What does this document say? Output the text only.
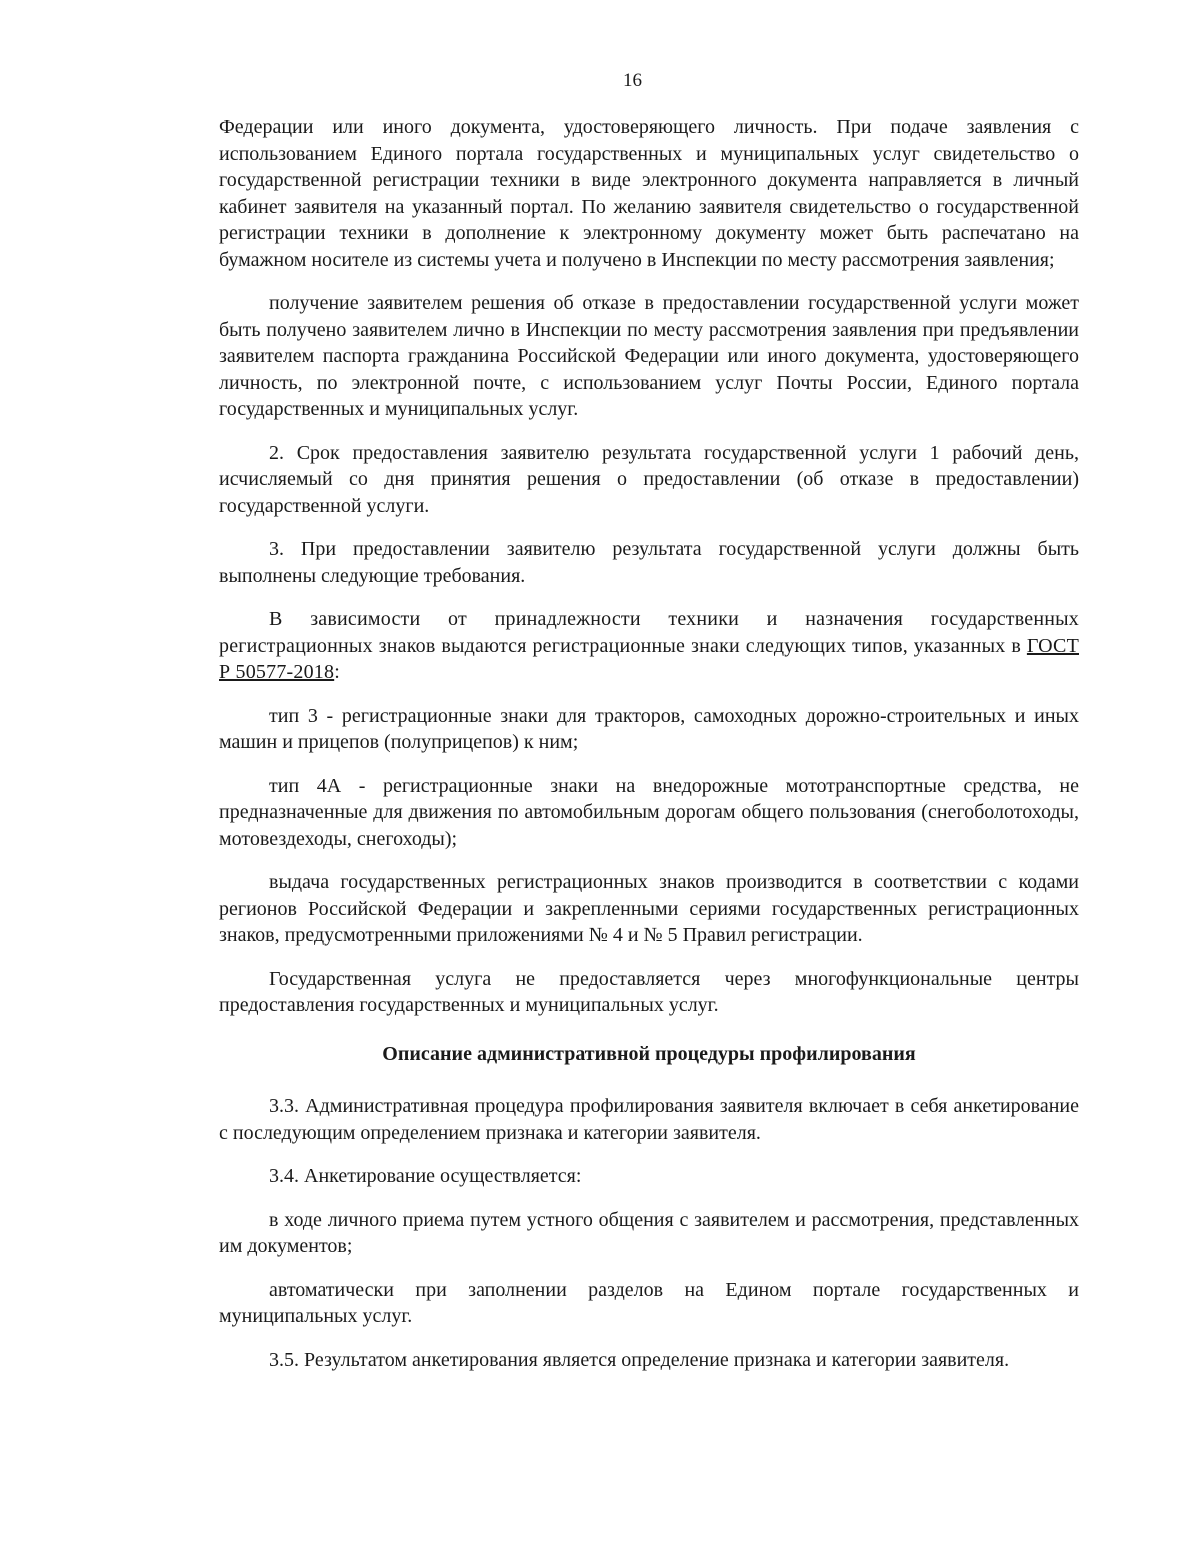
16

Федерации или иного документа, удостоверяющего личность. При подаче заявления с использованием Единого портала государственных и муниципальных услуг свидетельство о государственной регистрации техники в виде электронного документа направляется в личный кабинет заявителя на указанный портал. По желанию заявителя свидетельство о государственной регистрации техники в дополнение к электронному документу может быть распечатано на бумажном носителе из системы учета и получено в Инспекции по месту рассмотрения заявления;

получение заявителем решения об отказе в предоставлении государственной услуги может быть получено заявителем лично в Инспекции по месту рассмотрения заявления при предъявлении заявителем паспорта гражданина Российской Федерации или иного документа, удостоверяющего личность, по электронной почте, с использованием услуг Почты России, Единого портала государственных и муниципальных услуг.

2. Срок предоставления заявителю результата государственной услуги 1 рабочий день, исчисляемый со дня принятия решения о предоставлении (об отказе в предоставлении) государственной услуги.

3. При предоставлении заявителю результата государственной услуги должны быть выполнены следующие требования.

В зависимости от принадлежности техники и назначения государственных регистрационных знаков выдаются регистрационные знаки следующих типов, указанных в ГОСТ Р 50577-2018:

тип 3 - регистрационные знаки для тракторов, самоходных дорожно-строительных и иных машин и прицепов (полуприцепов) к ним;

тип 4А - регистрационные знаки на внедорожные мототранспортные средства, не предназначенные для движения по автомобильным дорогам общего пользования (снегоболотоходы, мотовездеходы, снегоходы);

выдача государственных регистрационных знаков производится в соответствии с кодами регионов Российской Федерации и закрепленными сериями государственных регистрационных знаков, предусмотренными приложениями № 4 и № 5 Правил регистрации.

Государственная услуга не предоставляется через многофункциональные центры предоставления государственных и муниципальных услуг.

Описание административной процедуры профилирования

3.3. Административная процедура профилирования заявителя включает в себя анкетирование с последующим определением признака и категории заявителя.

3.4. Анкетирование осуществляется:

в ходе личного приема путем устного общения с заявителем и рассмотрения, представленных им документов;

автоматически при заполнении разделов на Едином портале государственных и муниципальных услуг.

3.5. Результатом анкетирования является определение признака и категории заявителя.
